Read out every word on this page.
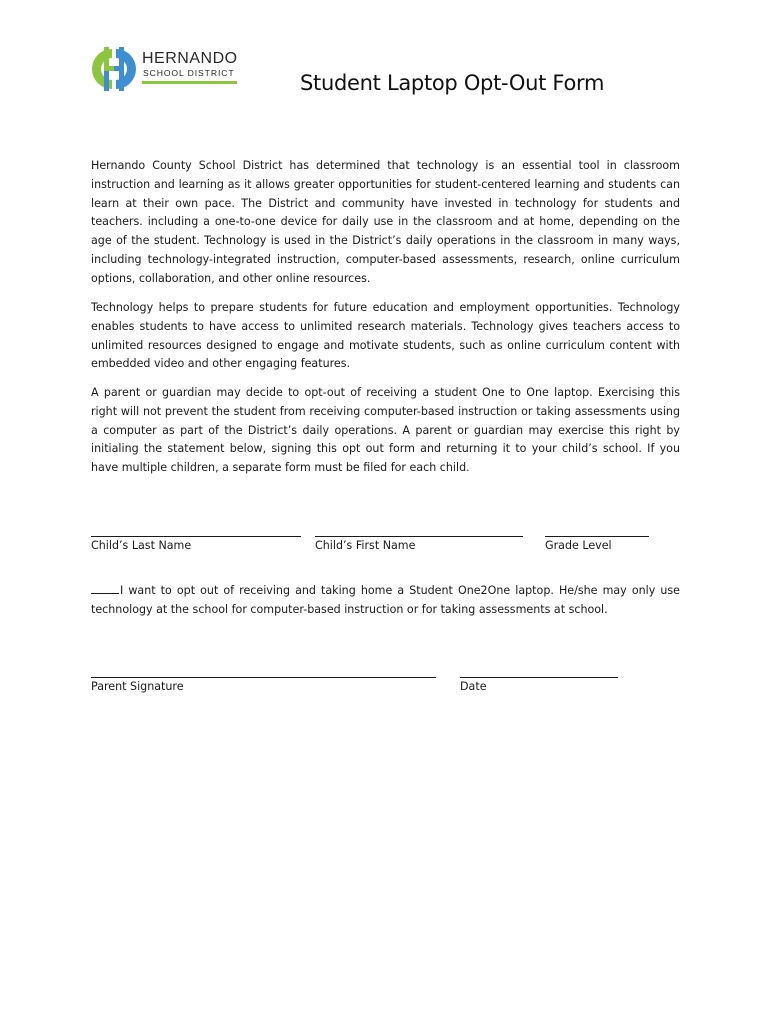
HERNANDO
SCHOOL DISTRICT	Student Laptop Opt-Out Form

Hernando County School District has determined that technology is an essential tool in classroom instruction and learning as it allows greater opportunities for student-centered learning and students can learn at their own pace. The District and community have invested in technology for students and teachers. including a one-to-one device for daily use in the classroom and at home, depending on the age of the student. Technology is used in the District’s daily operations in the classroom in many ways, including technology-integrated instruction, computer-based assessments, research, online curriculum options, collaboration, and other online resources.

Technology helps to prepare students for future education and employment opportunities. Technology enables students to have access to unlimited research materials. Technology gives teachers access to unlimited resources designed to engage and motivate students, such as online curriculum content with embedded video and other engaging features.

A parent or guardian may decide to opt-out of receiving a student One to One laptop. Exercising this right will not prevent the student from receiving computer-based instruction or taking assessments using a computer as part of the District’s daily operations. A parent or guardian may exercise this right by initialing the statement below, signing this opt out form and returning it to your child’s school. If you have multiple children, a separate form must be filed for each child.

Child’s Last Name	Child’s First Name	Grade Level

I want to opt out of receiving and taking home a Student One2One laptop. He/she may only use technology at the school for computer-based instruction or for taking assessments at school.

Parent Signature	Date
